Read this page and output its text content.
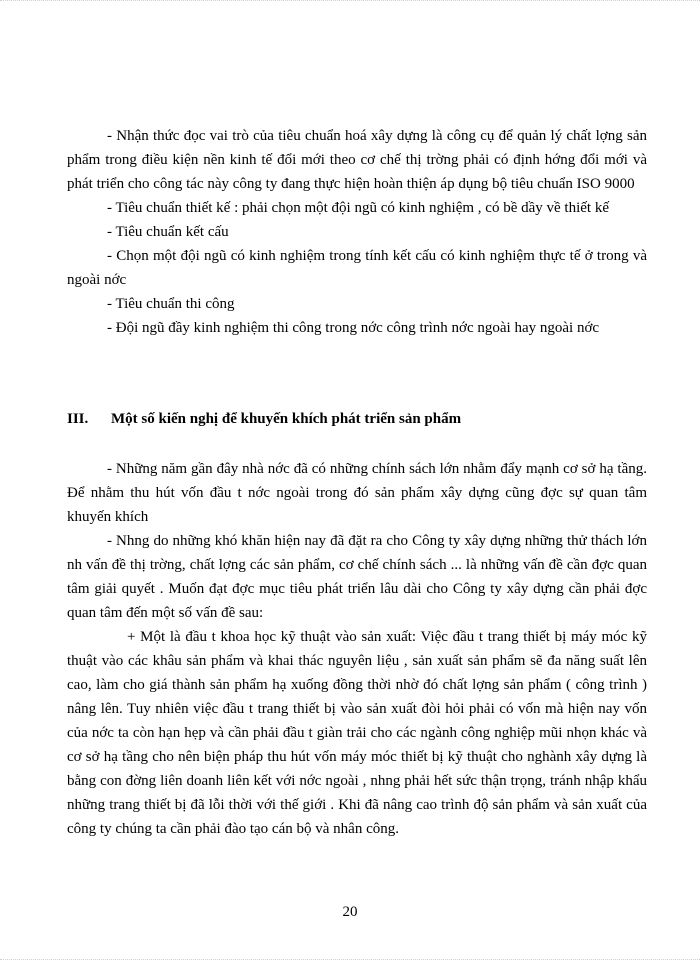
- Nhận thức đọc vai trò của tiêu chuẩn hoá xây dựng là công cụ để quản lý chất lợng sản phẩm trong điều kiện nền kinh tế đổi mới theo cơ chế thị trờng phải có định hớng đổi mới và phát triển cho công tác này công ty đang thực hiện hoàn thiện áp dụng bộ tiêu chuẩn ISO 9000

- Tiêu chuẩn thiết kế : phải chọn một đội ngũ có kinh nghiệm , có bề dầy về thiết kế

- Tiêu chuẩn kết cấu

- Chọn một đội ngũ có kinh nghiệm trong tính kết cấu có kinh nghiệm thực tế ở trong và ngoài nớc

- Tiêu chuẩn thi công

- Đội ngũ đầy kinh nghiệm thi công trong nớc công trình nớc ngoài hay ngoài nớc

III. Một số kiến nghị để khuyến khích phát triển sản phẩm

- Những năm gần đây nhà nớc đã có những chính sách lớn nhằm đẩy mạnh cơ sở hạ tầng. Để nhằm thu hút vốn đầu t nớc ngoài trong đó sản phẩm xây dựng cũng đợc sự quan tâm khuyến khích

- Nhng do những khó khăn hiện nay đã đặt ra cho Công ty xây dựng những thử thách lớn nh vấn đề thị trờng, chất lợng các sản phẩm, cơ chế chính sách ... là những vấn đề cần đợc quan tâm giải quyết . Muốn đạt đợc mục tiêu phát triển lâu dài cho Công ty xây dựng cần phải đợc quan tâm đến một số vấn đề sau:

+ Một là đầu t khoa học kỹ thuật vào sản xuất: Việc đầu t trang thiết bị máy móc kỹ thuật vào các khâu sản phẩm và khai thác nguyên liệu , sản xuất sản phẩm sẽ đa năng suất lên cao, làm cho giá thành sản phẩm hạ xuống đồng thời nhờ đó chất lợng sản phẩm ( công trình ) nâng lên. Tuy nhiên việc đầu t trang thiết bị vào sản xuất đòi hỏi phải có vốn mà hiện nay vốn của nớc ta còn hạn hẹp và cần phải đầu t giàn trải cho các ngành công nghiệp mũi nhọn khác và cơ sở hạ tầng cho nên biện pháp thu hút vốn máy móc thiết bị kỹ thuật cho nghành xây dựng là bằng con đờng liên doanh liên kết với nớc ngoài , nhng phải hết sức thận trọng, tránh nhập khẩu những trang thiết bị đã lỗi thời với thế giới . Khi đã nâng cao trình độ sản phẩm và sản xuất của công ty chúng ta cần phải đào tạo cán bộ và nhân công.

20
